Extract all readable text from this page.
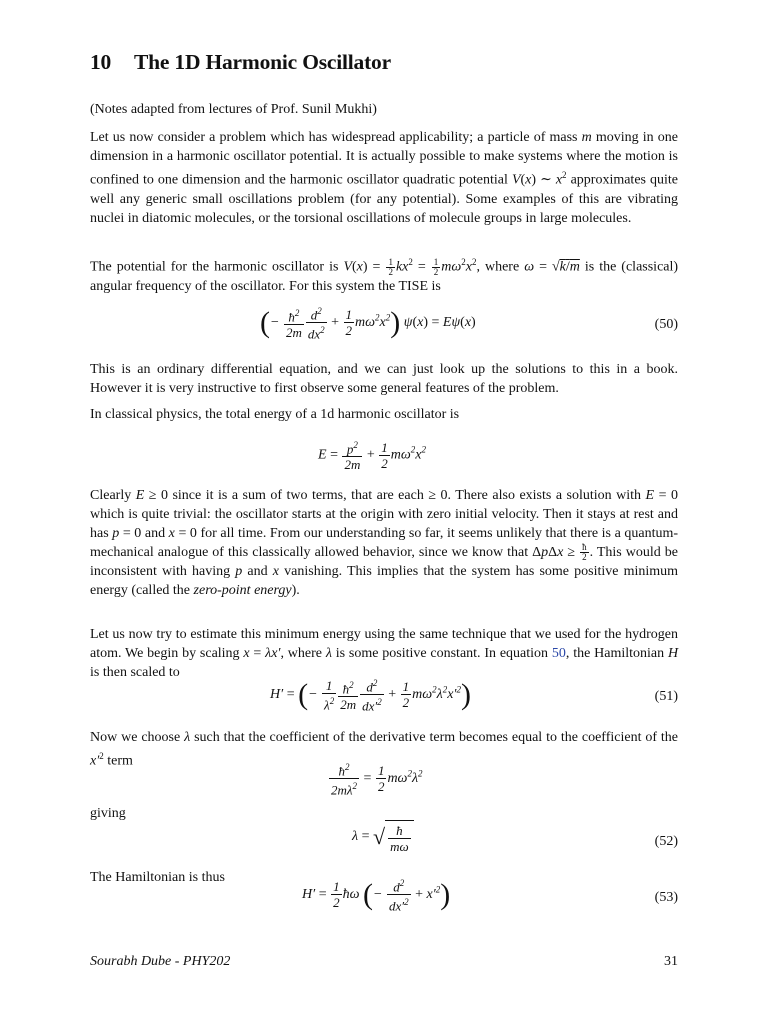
10 The 1D Harmonic Oscillator

(Notes adapted from lectures of Prof. Sunil Mukhi)

Let us now consider a problem which has widespread applicability; a particle of mass m moving in one dimension in a harmonic oscillator potential. It is actually possible to make systems where the motion is confined to one dimension and the harmonic oscillator quadratic potential V(x) ∼ $x^2$ approximates quite well any generic small oscillations problem (for any potential). Some examples of this are vibrating nuclei in diatomic molecules, or the torsional oscillations of molecule groups in large molecules.

The potential for the harmonic oscillator is $V(x) = \frac{1}{2} kx^2 = \frac{1}{2} m\omega^2x^2$, where ω = √k/m is the (classical) angular frequency of the oscillator. For this system the TISE is

(− $\frac{ħ^2}{2m} \frac{d^2}{dx^2} + \frac{1}{2} m\omega^2x^2$) ψ(x) = Eψ(x)	(50)

This is an ordinary differential equation, and we can just look up the solutions to this in a book. However it is very instructive to first observe some general features of the problem.

In classical physics, the total energy of a 1d harmonic oscillator is

$E = \frac{p^2}{2m} + \frac{1}{2} m\omega^2x^2$

Clearly E ≥ 0 since it is a sum of two terms, that are each ≥ 0. There also exists a solution with E = 0 which is quite trivial: the oscillator starts at the origin with zero initial velocity. Then it stays at rest and has p = 0 and x = 0 for all time. From our understanding so far, it seems unlikely that there is a quantum-mechanical analogue of this classically allowed behavior, since we know that $\Delta p\Delta x \ge \frac{ħ}{2}$ . This would be inconsistent with having p and x vanishing. This implies that the system has some positive minimum energy (called the zero-point energy).

Let us now try to estimate this minimum energy using the same technique that we used for the hydrogen atom. We begin by scaling x = λx′, where λ is some positive constant. In equation 50, the Hamiltonian H is then scaled to

H′ = (− $\frac{1}{\lambda^2} \frac{ħ^2}{2m} \frac{d^2}{dx'^2} + \frac{1}{2} m\omega^2\lambda^2x'^2$)	(51)

Now we choose λ such that the coefficient of the derivative term becomes equal to the coefficient of the $x'^2$ term	$\frac{ħ^2}{2m\lambda^2} = \frac{1}{2} m\omega^2\lambda^2$

giving

λ = √ $\frac{ħ}{m\omega}$	(52)

The Hamiltonian is thus

$H' = \frac{1}{2}$ ħω (− $\frac{d^2}{dx'^2} + x'^2$)	(53)
Sourabh Dube - PHY202	31
